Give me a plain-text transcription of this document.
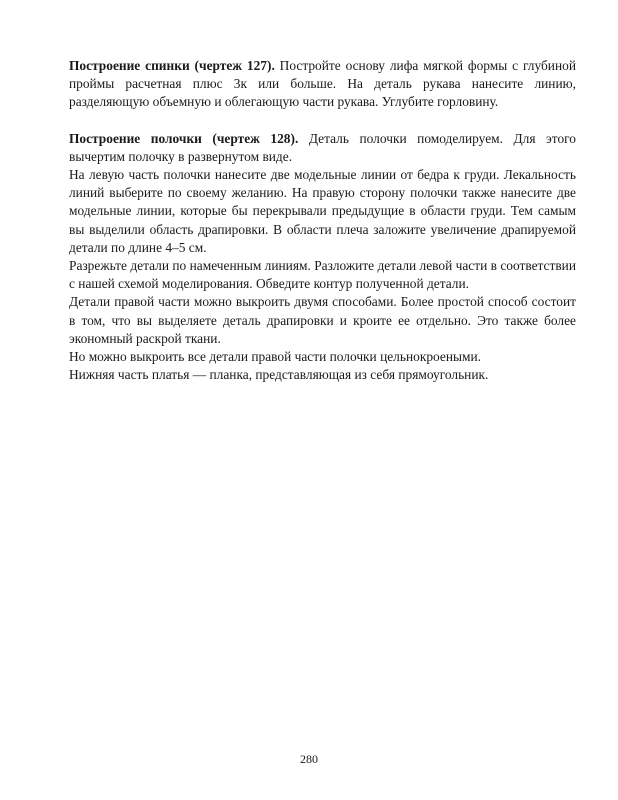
Построение спинки (чертеж 127). Постройте основу лифа мягкой формы с глубиной проймы расчетная плюс 3к или больше. На деталь рукава нанесите линию, разделяющую объемную и облегающую части рукава. Углубите горловину.

Построение полочки (чертеж 128). Деталь полочки помоделируем. Для этого вычертим полочку в развернутом виде.

На левую часть полочки нанесите две модельные линии от бедра к груди. Лекальность линий выберите по своему желанию. На правую сторону полочки также нанесите две модельные линии, которые бы перекрывали предыдущие в области груди. Тем самым вы выделили область драпировки. В области плеча заложите увеличение драпируемой детали по длине 4–5 см.

Разрежьте детали по намеченным линиям. Разложите детали левой части в соответствии с нашей схемой моделирования. Обведите контур полученной детали.

Детали правой части можно выкроить двумя способами. Более простой способ состоит в том, что вы выделяете деталь драпировки и кроите ее отдельно. Это также более экономный раскрой ткани.

Но можно выкроить все детали правой части полочки цельнокроеными.

Нижняя часть платья — планка, представляющая из себя прямоугольник.

280
